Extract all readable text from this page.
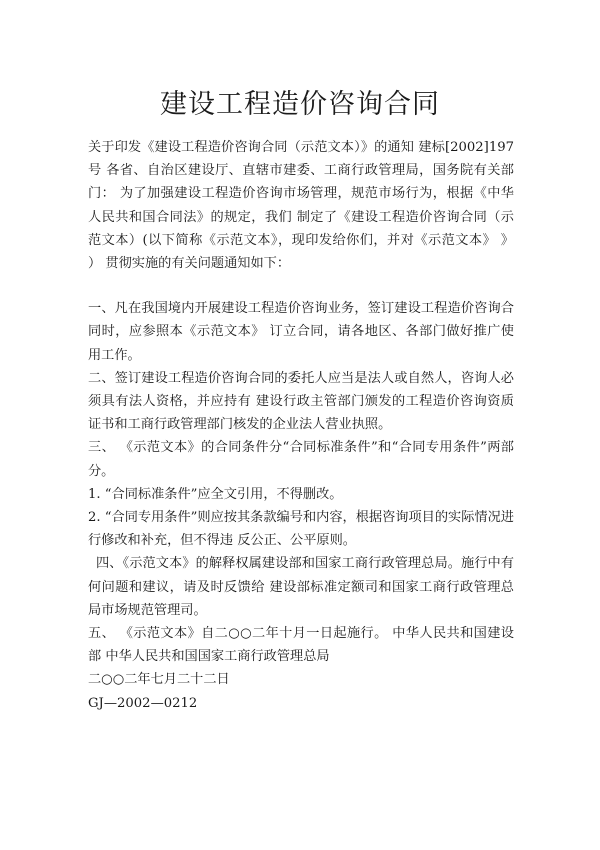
建设工程造价咨询合同

关于印发《建设工程造价咨询合同（示范文本）》的通知 建标[2002]197 号 各省、自治区建设厅、直辖市建委、工商行政管理局，国务院有关部门： 为了加强建设工程造价咨询市场管理，规范市场行为，根据《中华人民共和国合同法》的规定，我们 制定了《建设工程造价咨询合同（示范文本）(以下简称《示范文本》，现印发给你们，并对《示范文本》 》 ） 贯彻实施的有关问题通知如下：

一、凡在我国境内开展建设工程造价咨询业务，签订建设工程造价咨询合同时，应参照本《示范文本》 订立合同，请各地区、各部门做好推广使用工作。

二、签订建设工程造价咨询合同的委托人应当是法人或自然人，咨询人必须具有法人资格，并应持有 建设行政主管部门颁发的工程造价咨询资质证书和工商行政管理部门核发的企业法人营业执照。

三、 《示范文本》的合同条件分“合同标准条件”和“合同专用条件”两部分。

1. “合同标准条件”应全文引用，不得删改。

2. “合同专用条件”则应按其条款编号和内容，根据咨询项目的实际情况进行修改和补充，但不得违 反公正、公平原则。

四、《示范文本》的解释权属建设部和国家工商行政管理总局。施行中有何问题和建议，请及时反馈给 建设部标准定额司和国家工商行政管理总局市场规范管理司。

五、 《示范文本》自二○○二年十月一日起施行。 中华人民共和国建设部 中华人民共和国国家工商行政管理总局

二○○二年七月二十二日

GJ—2002—0212
